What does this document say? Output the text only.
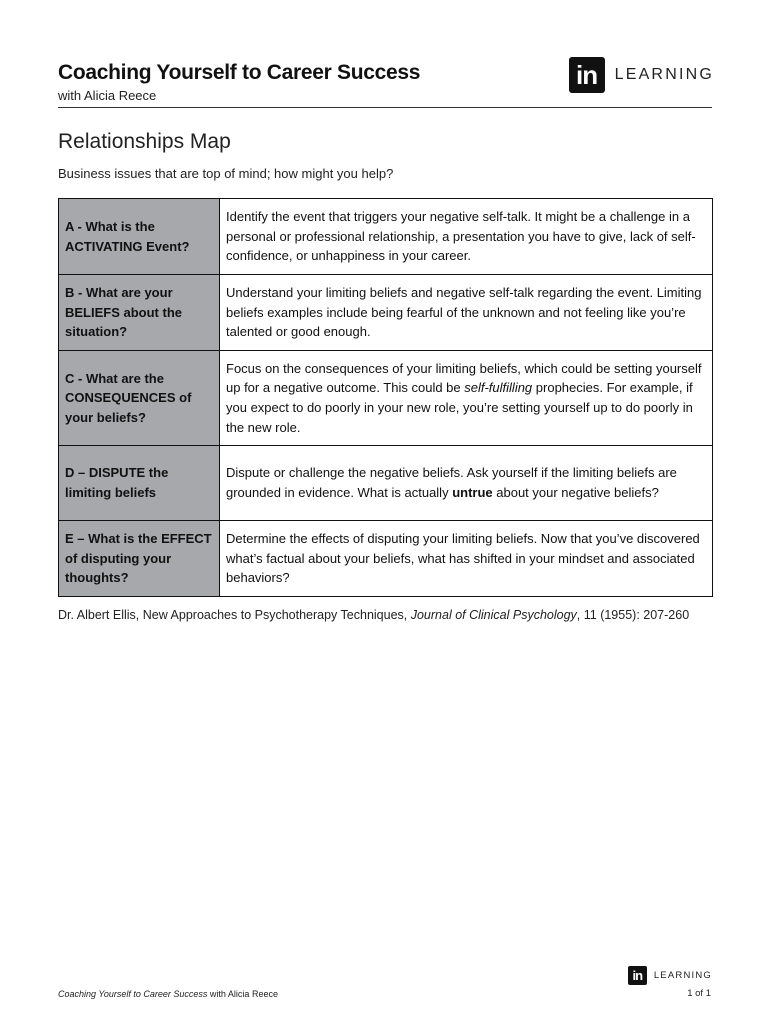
Coaching Yourself to Career Success
with Alicia Reece
in	LEARNING
Relationships Map
Business issues that are top of mind; how might you help?
A - What is the ACTIVATING Event?	Identify the event that triggers your negative self-talk. It might be a challenge in a personal or professional relationship, a presentation you have to give, lack of self-confidence, or unhappiness in your career.
B - What are your BELIEFS about the situation?	Understand your limiting beliefs and negative self-talk regarding the event. Limiting beliefs examples include being fearful of the unknown and not feeling like you’re talented or good enough.
C - What are the CONSEQUENCES of your beliefs?	Focus on the consequences of your limiting beliefs, which could be setting yourself up for a negative outcome. This could be self-fulfilling prophecies. For example, if you expect to do poorly in your new role, you’re setting yourself up to do poorly in the new role.
D – DISPUTE the limiting beliefs	Dispute or challenge the negative beliefs. Ask yourself if the limiting beliefs are grounded in evidence. What is actually untrue about your negative beliefs?
E – What is the EFFECT of disputing your thoughts?	Determine the effects of disputing your limiting beliefs. Now that you’ve discovered what’s factual about your beliefs, what has shifted in your mindset and associated behaviors?
Dr. Albert Ellis, New Approaches to Psychotherapy Techniques, Journal of Clinical Psychology, 11 (1955): 207-260
Coaching Yourself to Career Success with Alicia Reece
in	LEARNING
1 of 1
